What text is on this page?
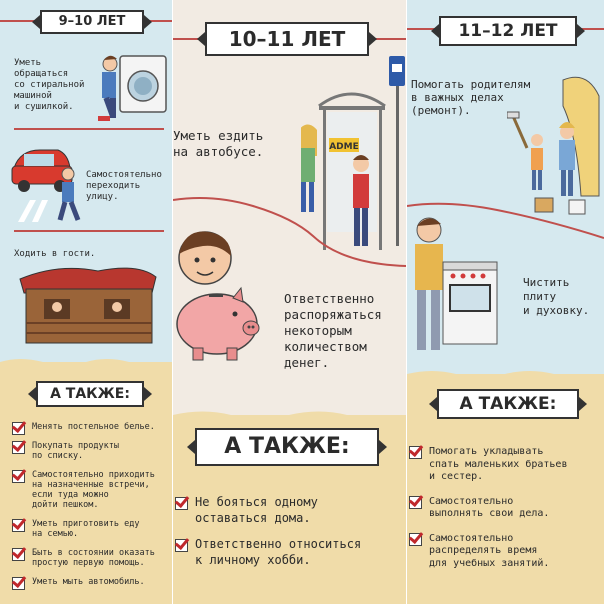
9–10 ЛЕТ
Уметь
обращаться
со стиральной
машиной
и сушилкой.
Самостоятельно
переходить
улицу.
Ходить в гости.
А ТАКЖЕ:
Менять постельное белье.
Покупать продукты
по списку.
Самостоятельно приходить
на назначенные встречи,
если туда можно
дойти пешком.
Уметь приготовить еду
на семью.
Быть в состоянии оказать
простую первую помощь.
Уметь мыть автомобиль.
10–11 ЛЕТ
Уметь ездить
на автобусе.	ADME
Ответственно
распоряжаться
некоторым
количеством
денег.
А ТАКЖЕ:
Не бояться одному
оставаться дома.
Ответственно относиться
к личному хобби.
11–12 ЛЕТ
Помогать родителям
в важных делах
(ремонт).
Чистить
плиту
и духовку.
А ТАКЖЕ:
Помогать укладывать
спать маленьких братьев
и сестер.
Самостоятельно
выполнять свои дела.
Самостоятельно
распределять время
для учебных занятий.
